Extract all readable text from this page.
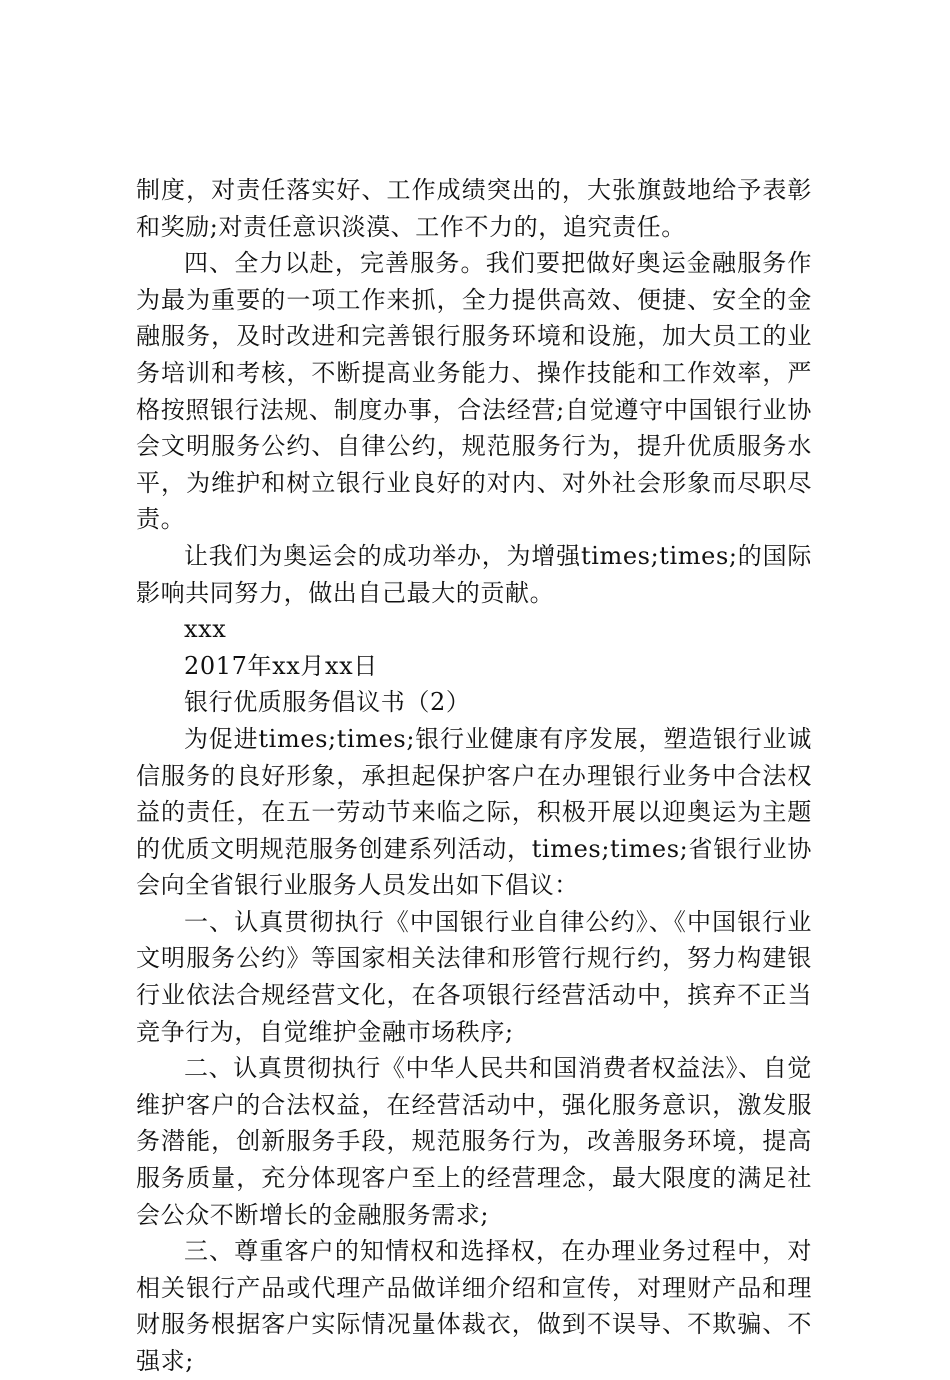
制度，对责任落实好、工作成绩突出的，大张旗鼓地给予表彰和奖励;对责任意识淡漠、工作不力的，追究责任。

四、全力以赴，完善服务。我们要把做好奥运金融服务作为最为重要的一项工作来抓，全力提供高效、便捷、安全的金融服务，及时改进和完善银行服务环境和设施，加大员工的业务培训和考核，不断提高业务能力、操作技能和工作效率，严格按照银行法规、制度办事，合法经营;自觉遵守中国银行业协会文明服务公约、自律公约，规范服务行为，提升优质服务水平，为维护和树立银行业良好的对内、对外社会形象而尽职尽责。

让我们为奥运会的成功举办，为增强times;times;的国际影响共同努力，做出自己最大的贡献。

xxx

2017年xx月xx日

银行优质服务倡议书（2）

为促进times;times;银行业健康有序发展，塑造银行业诚信服务的良好形象，承担起保护客户在办理银行业务中合法权益的责任，在五一劳动节来临之际，积极开展以迎奥运为主题的优质文明规范服务创建系列活动，times;times;省银行业协会向全省银行业服务人员发出如下倡议：

一、认真贯彻执行《中国银行业自律公约》、《中国银行业文明服务公约》等国家相关法律和形管行规行约，努力构建银行业依法合规经营文化，在各项银行经营活动中，摈弃不正当竞争行为，自觉维护金融市场秩序;

二、认真贯彻执行《中华人民共和国消费者权益法》、自觉维护客户的合法权益，在经营活动中，强化服务意识，激发服务潜能，创新服务手段，规范服务行为，改善服务环境，提高服务质量，充分体现客户至上的经营理念，最大限度的满足社会公众不断增长的金融服务需求;

三、尊重客户的知情权和选择权，在办理业务过程中，对相关银行产品或代理产品做详细介绍和宣传，对理财产品和理财服务根据客户实际情况量体裁衣，做到不误导、不欺骗、不强求;
